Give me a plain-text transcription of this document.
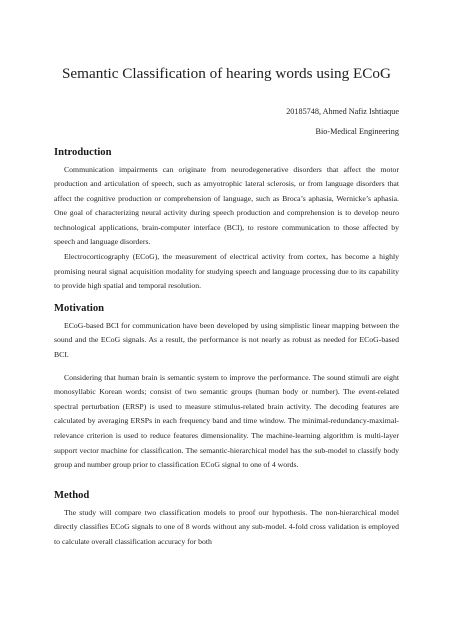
Semantic Classification of hearing words using ECoG
20185748, Ahmed Nafiz Ishtiaque
Bio-Medical Engineering
Introduction

Communication impairments can originate from neurodegenerative disorders that affect the motor production and articulation of speech, such as amyotrophic lateral sclerosis, or from language disorders that affect the cognitive production or comprehension of language, such as Broca’s aphasia, Wernicke’s aphasia. One goal of characterizing neural activity during speech production and comprehension is to develop neuro technological applications, brain-computer interface (BCI), to restore communication to those affected by speech and language disorders.

Electrocorticography (ECoG), the measurement of electrical activity from cortex, has become a highly promising neural signal acquisition modality for studying speech and language processing due to its capability to provide high spatial and temporal resolution.

Motivation

ECoG-based BCI for communication have been developed by using simplistic linear mapping between the sound and the ECoG signals. As a result, the performance is not nearly as robust as needed for ECoG-based BCI.

Considering that human brain is semantic system to improve the performance. The sound stimuli are eight monosyllabic Korean words; consist of two semantic groups (human body or number). The event-related spectral perturbation (ERSP) is used to measure stimulus-related brain activity. The decoding features are calculated by averaging ERSPs in each frequency band and time window. The minimal-redundancy-maximal-relevance criterion is used to reduce features dimensionality. The machine-learning algorithm is multi-layer support vector machine for classification. The semantic-hierarchical model has the sub-model to classify body group and number group prior to classification ECoG signal to one of 4 words.

Method

The study will compare two classification models to proof our hypothesis. The non-hierarchical model directly classifies ECoG signals to one of 8 words without any sub-model. 4-fold cross validation is employed to calculate overall classification accuracy for both
